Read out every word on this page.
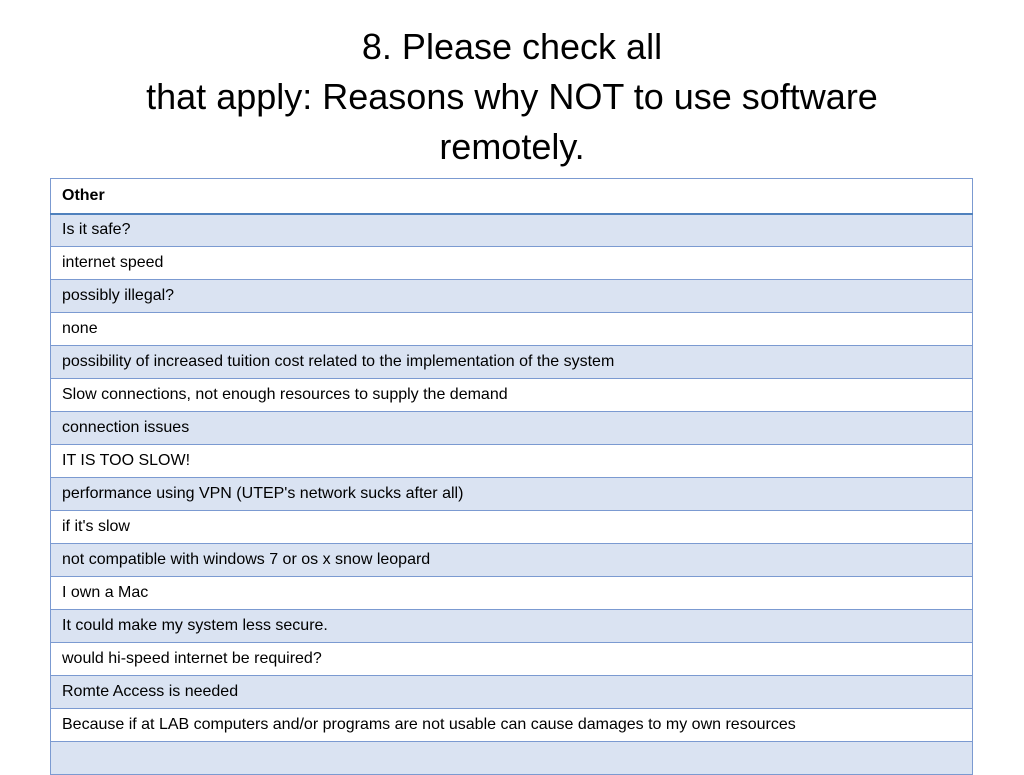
8. Please check all
that apply: Reasons why NOT to use software
remotely.
Other
Is it safe?
internet speed
possibly illegal?
none
possibility of increased tuition cost related to the implementation of the system
Slow connections, not enough resources to supply the demand
connection issues
IT IS TOO SLOW!
performance using VPN (UTEP's network sucks after all)
if it's slow
not compatible with windows 7 or os x snow leopard
I own a Mac
It could make my system less secure.
would hi-speed internet be required?
Romte Access is needed
Because if at LAB computers and/or programs are not usable can cause damages to my own resources
